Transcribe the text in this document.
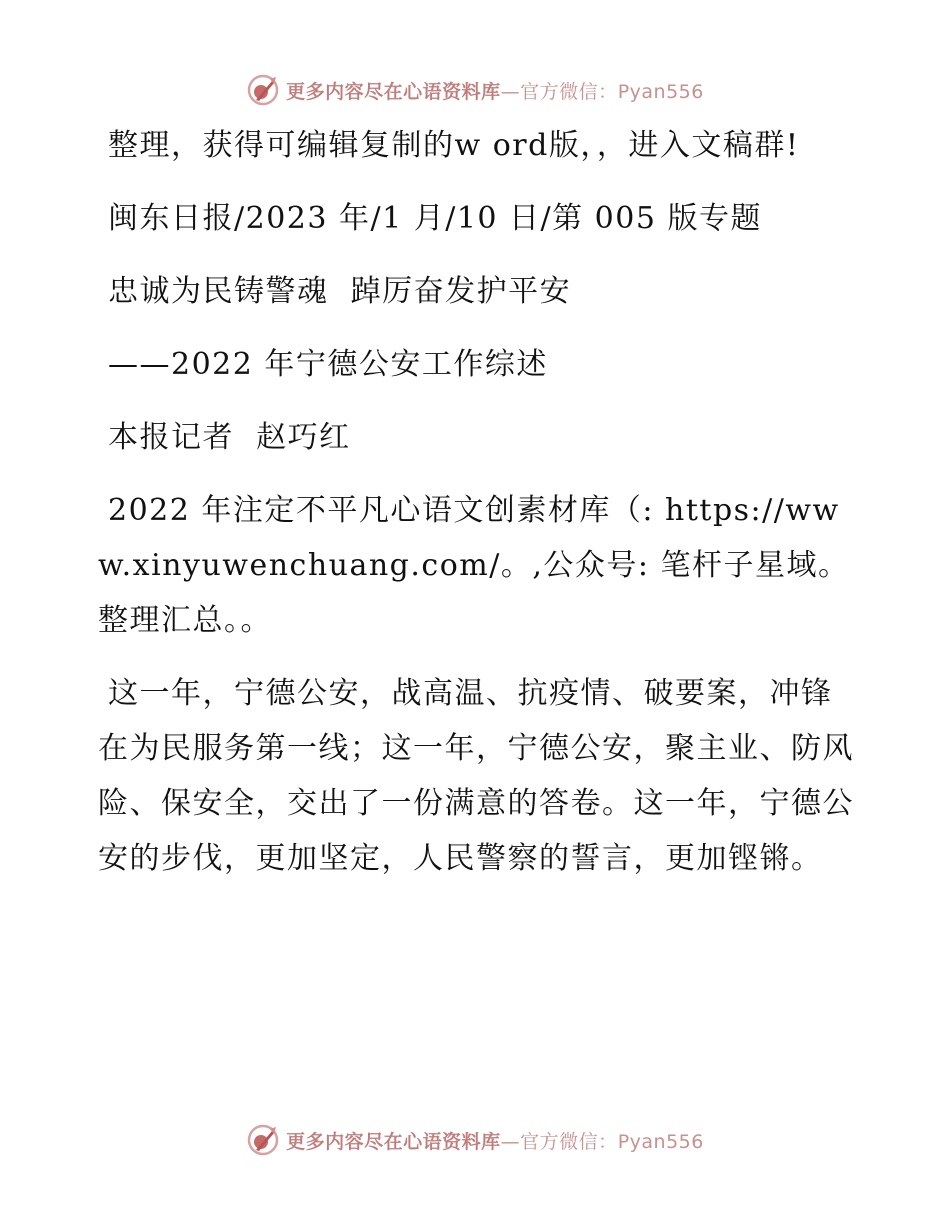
更多内容尽在心语资料库—官方微信：Pyan556

整理，获得可编辑复制的w ord版，，进入文稿群!

闽东日报/2023 年/1 月/10 日/第 005 版专题

忠诚为民铸警魂  踔厉奋发护平安

——2022 年宁德公安工作综述

本报记者  赵巧红

2022 年注定不平凡心语文创素材库（: https://www.xinyuwenchuang.com/。,公众号: 笔杆子星域。整理汇总。。

这一年，宁德公安，战高温、抗疫情、破要案，冲锋在为民服务第一线；这一年，宁德公安，聚主业、防风险、保安全，交出了一份满意的答卷。这一年，宁德公安的步伐，更加坚定，人民警察的誓言，更加铿锵。

更多内容尽在心语资料库—官方微信：Pyan556
